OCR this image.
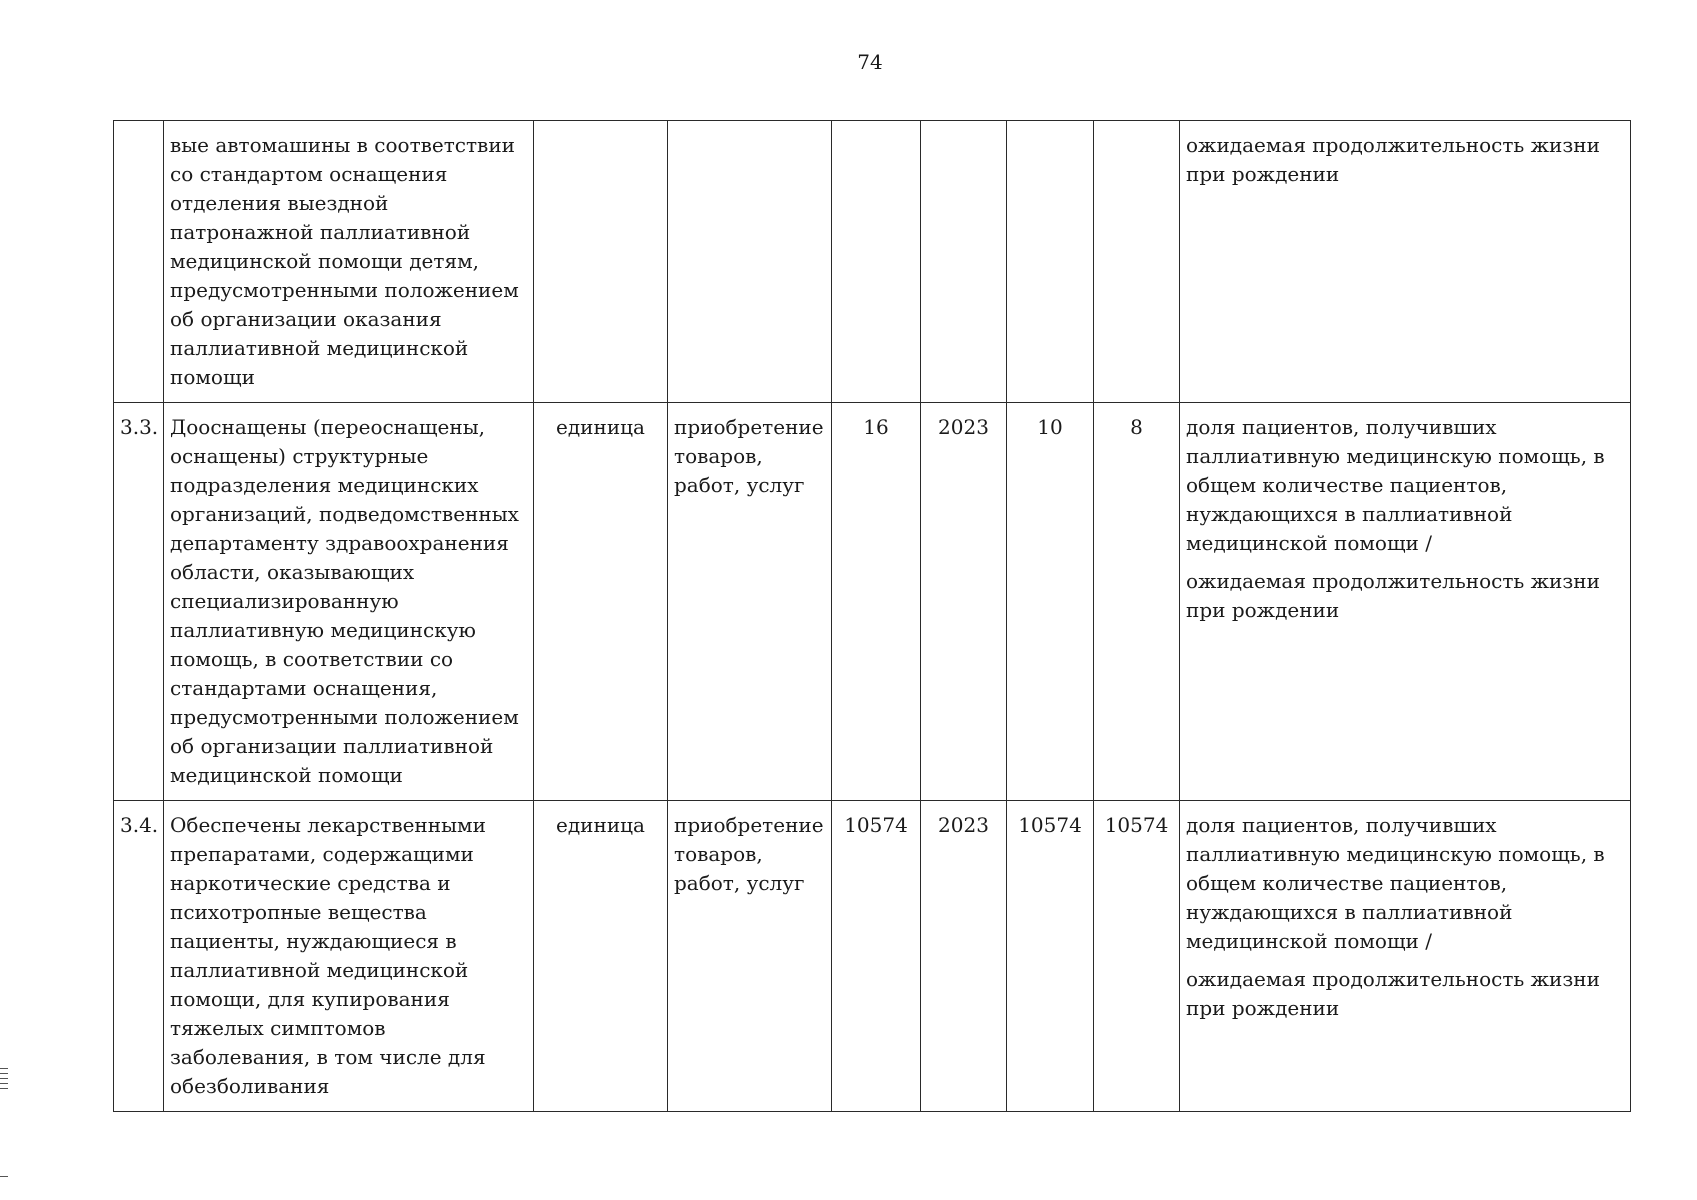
74
	вые автомашины в соответствии со стандартом оснащения отделения выездной патронажной паллиативной медицинской помощи детям, предусмотренными положением об организации оказания паллиативной медицинской помощи							ожидаемая продолжительность жизни при рождении

3.3.	Дооснащены (переоснащены, оснащены) структурные подразделения медицинских организаций, подведомственных департаменту здравоохранения области, оказывающих специализированную паллиативную медицинскую помощь, в соответствии со стандартами оснащения, предусмотренными положением об организации паллиативной медицинской помощи	единица	приобретение товаров, работ, услуг	16	2023	10	8	доля пациентов, получивших паллиативную медицинскую помощь, в общем количестве пациентов, нуждающихся в паллиативной медицинской помощи /
ожидаемая продолжительность жизни при рождении

3.4.	Обеспечены лекарственными препаратами, содержащими наркотические средства и психотропные вещества пациенты, нуждающиеся в паллиативной медицинской помощи, для купирования тяжелых симптомов заболевания, в том числе для обезболивания	единица	приобретение товаров, работ, услуг	10574	2023	10574	10574	доля пациентов, получивших паллиативную медицинскую помощь, в общем количестве пациентов, нуждающихся в паллиативной медицинской помощи /
ожидаемая продолжительность жизни при рождении
